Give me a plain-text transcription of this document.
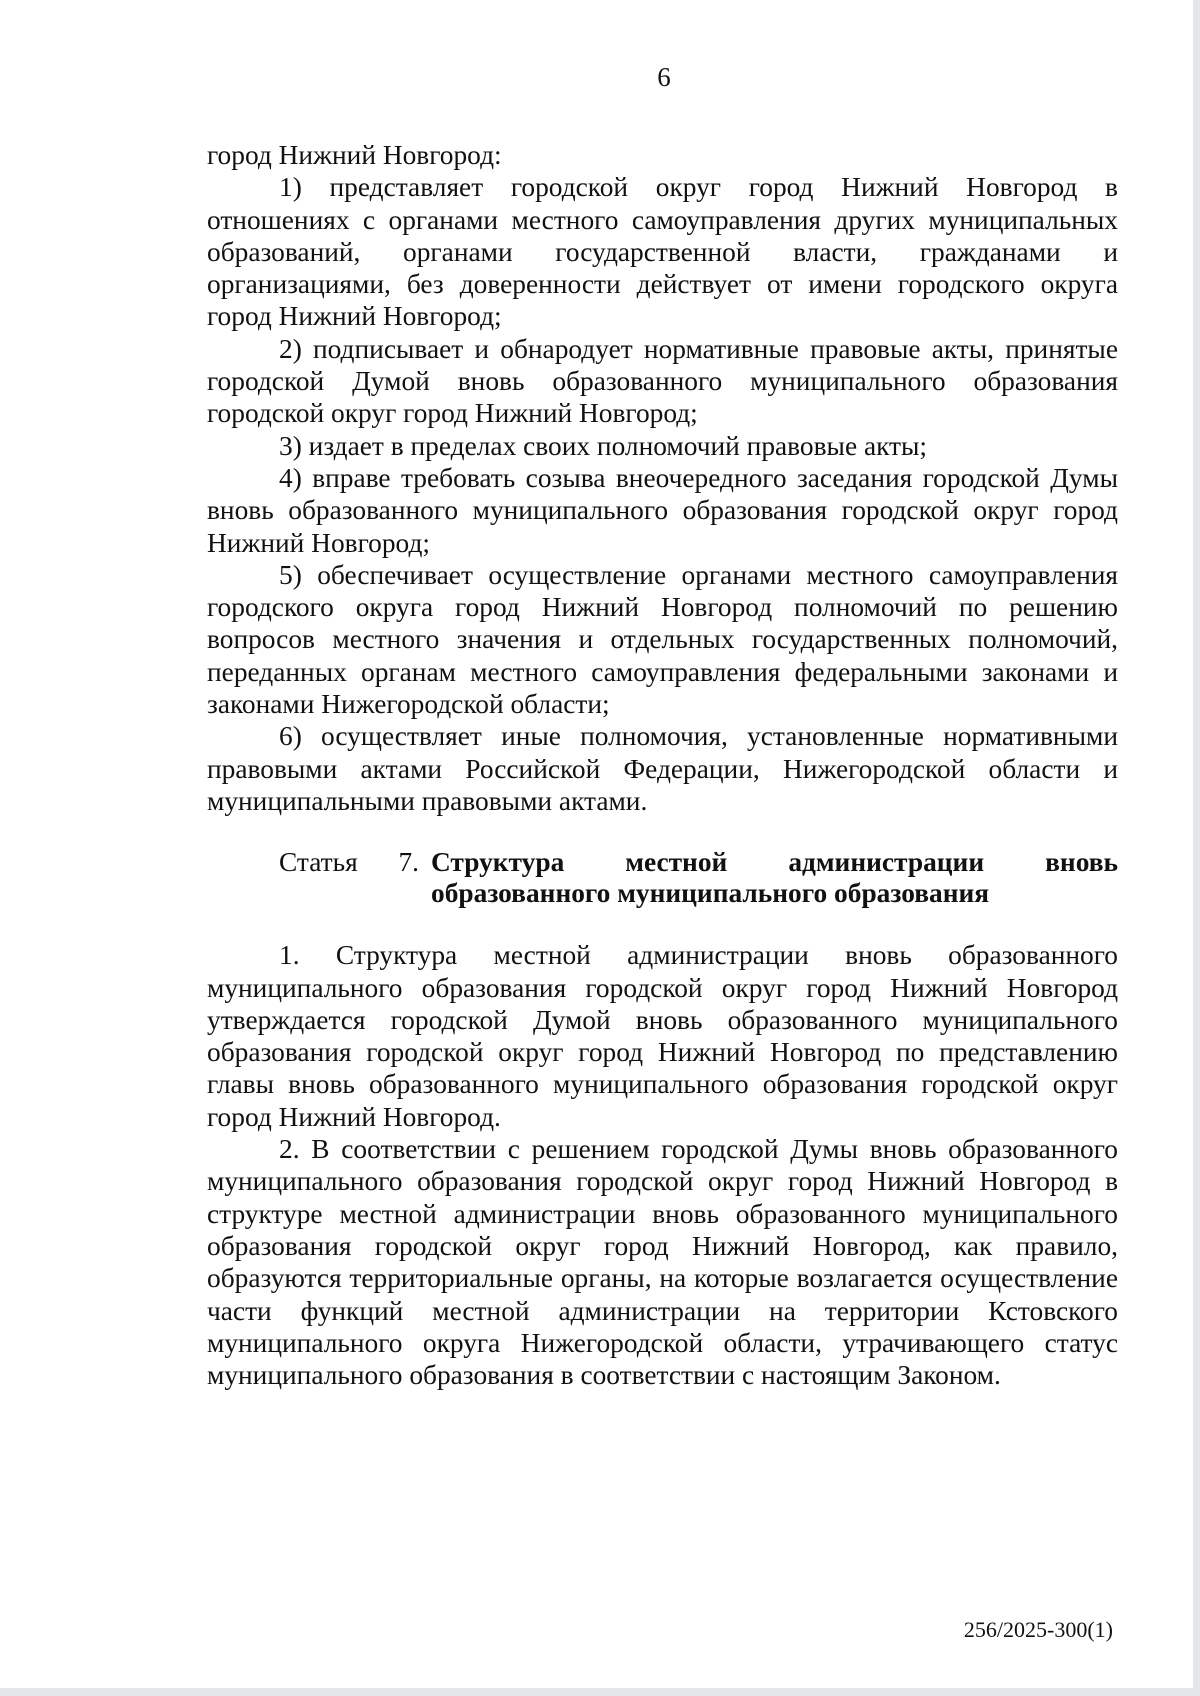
6

город Нижний Новгород:

1) представляет городской округ город Нижний Новгород в отношениях с органами местного самоуправления других муниципальных образований, органами государственной власти, гражданами и организациями, без доверенности действует от имени городского округа город Нижний Новгород;

2) подписывает и обнародует нормативные правовые акты, принятые городской Думой вновь образованного муниципального образования городской округ город Нижний Новгород;

3) издает в пределах своих полномочий правовые акты;

4) вправе требовать созыва внеочередного заседания городской Думы вновь образованного муниципального образования городской округ город Нижний Новгород;

5) обеспечивает осуществление органами местного самоуправления городского округа город Нижний Новгород полномочий по решению вопросов местного значения и отдельных государственных полномочий, переданных органам местного самоуправления федеральными законами и законами Нижегородской области;

6) осуществляет иные полномочия, установленные нормативными правовыми актами Российской Федерации, Нижегородской области и муниципальными правовыми актами.

Статья 7. Структура местной администрации вновь образованного муниципального образования

1. Структура местной администрации вновь образованного муниципального образования городской округ город Нижний Новгород утверждается городской Думой вновь образованного муниципального образования городской округ город Нижний Новгород по представлению главы вновь образованного муниципального образования городской округ город Нижний Новгород.

2. В соответствии с решением городской Думы вновь образованного муниципального образования городской округ город Нижний Новгород в структуре местной администрации вновь образованного муниципального образования городской округ город Нижний Новгород, как правило, образуются территориальные органы, на которые возлагается осуществление части функций местной администрации на территории Кстовского муниципального округа Нижегородской области, утрачивающего статус муниципального образования в соответствии с настоящим Законом.

256/2025-300(1)
